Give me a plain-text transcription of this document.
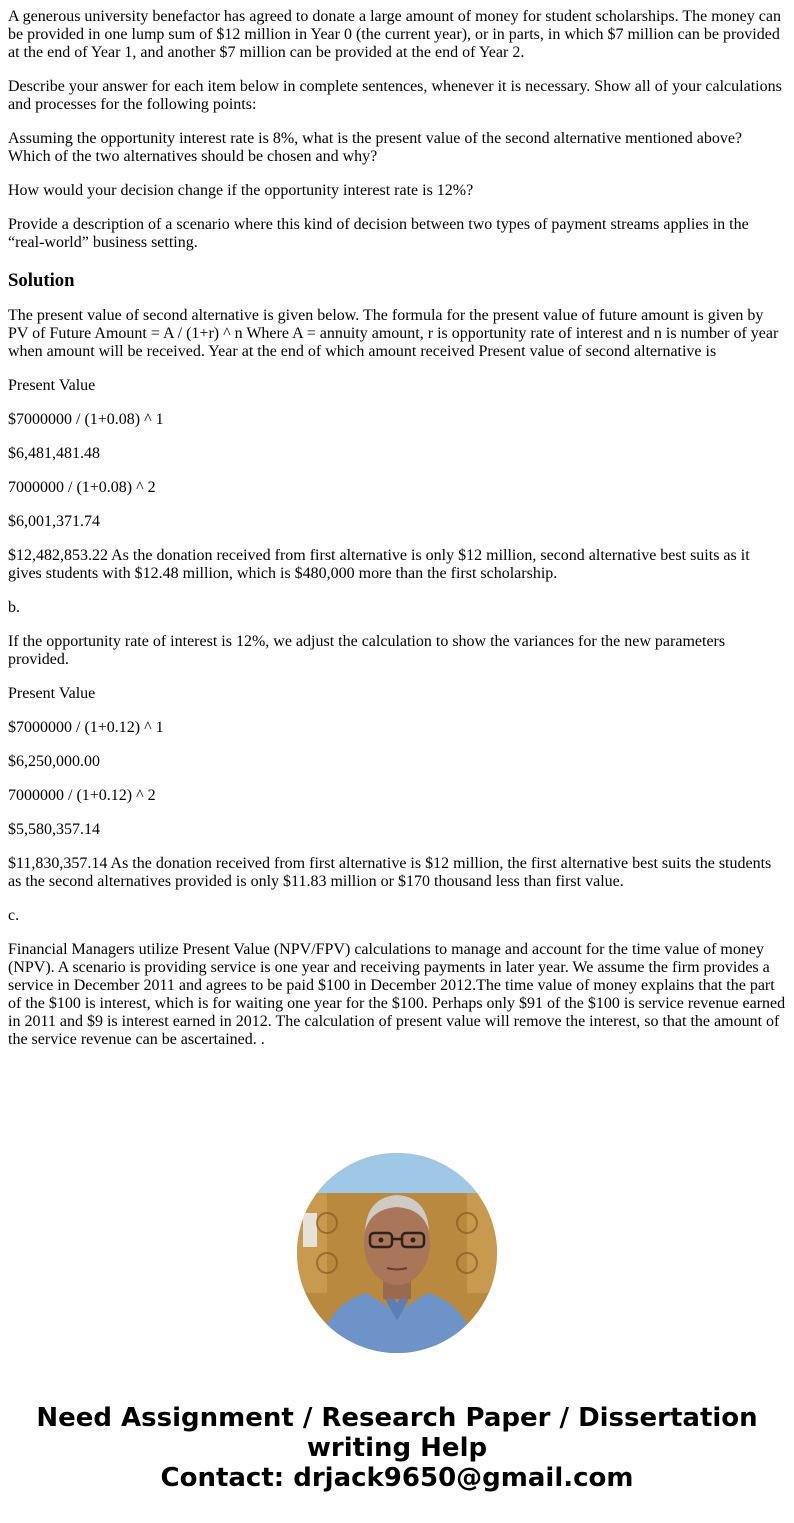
A generous university benefactor has agreed to donate a large amount of money for student scholarships. The money can be provided in one lump sum of $12 million in Year 0 (the current year), or in parts, in which $7 million can be provided at the end of Year 1, and another $7 million can be provided at the end of Year 2.

Describe your answer for each item below in complete sentences, whenever it is necessary. Show all of your calculations and processes for the following points:

Assuming the opportunity interest rate is 8%, what is the present value of the second alternative mentioned above? Which of the two alternatives should be chosen and why?

How would your decision change if the opportunity interest rate is 12%?

Provide a description of a scenario where this kind of decision between two types of payment streams applies in the “real-world” business setting.

Solution

The present value of second alternative is given below. The formula for the present value of future amount is given by PV of Future Amount = A / (1+r) ^ n Where A = annuity amount, r is opportunity rate of interest and n is number of year when amount will be received. Year at the end of which amount received Present value of second alternative is

Present Value

$7000000 / (1+0.08) ^ 1

$6,481,481.48

7000000 / (1+0.08) ^ 2

$6,001,371.74

$12,482,853.22 As the donation received from first alternative is only $12 million, second alternative best suits as it gives students with $12.48 million, which is $480,000 more than the first scholarship.

b.

If the opportunity rate of interest is 12%, we adjust the calculation to show the variances for the new parameters provided.

Present Value

$7000000 / (1+0.12) ^ 1

$6,250,000.00

7000000 / (1+0.12) ^ 2

$5,580,357.14

$11,830,357.14 As the donation received from first alternative is $12 million, the first alternative best suits the students as the second alternatives provided is only $11.83 million or $170 thousand less than first value.

c.

Financial Managers utilize Present Value (NPV/FPV) calculations to manage and account for the time value of money (NPV). A scenario is providing service is one year and receiving payments in later year. We assume the firm provides a service in December 2011 and agrees to be paid $100 in December 2012.The time value of money explains that the part of the $100 is interest, which is for waiting one year for the $100. Perhaps only $91 of the $100 is service revenue earned in 2011 and $9 is interest earned in 2012. The calculation of present value will remove the interest, so that the amount of the service revenue can be ascertained. .

Need Assignment / Research Paper / Dissertation
writing Help
Contact: drjack9650@gmail.com
